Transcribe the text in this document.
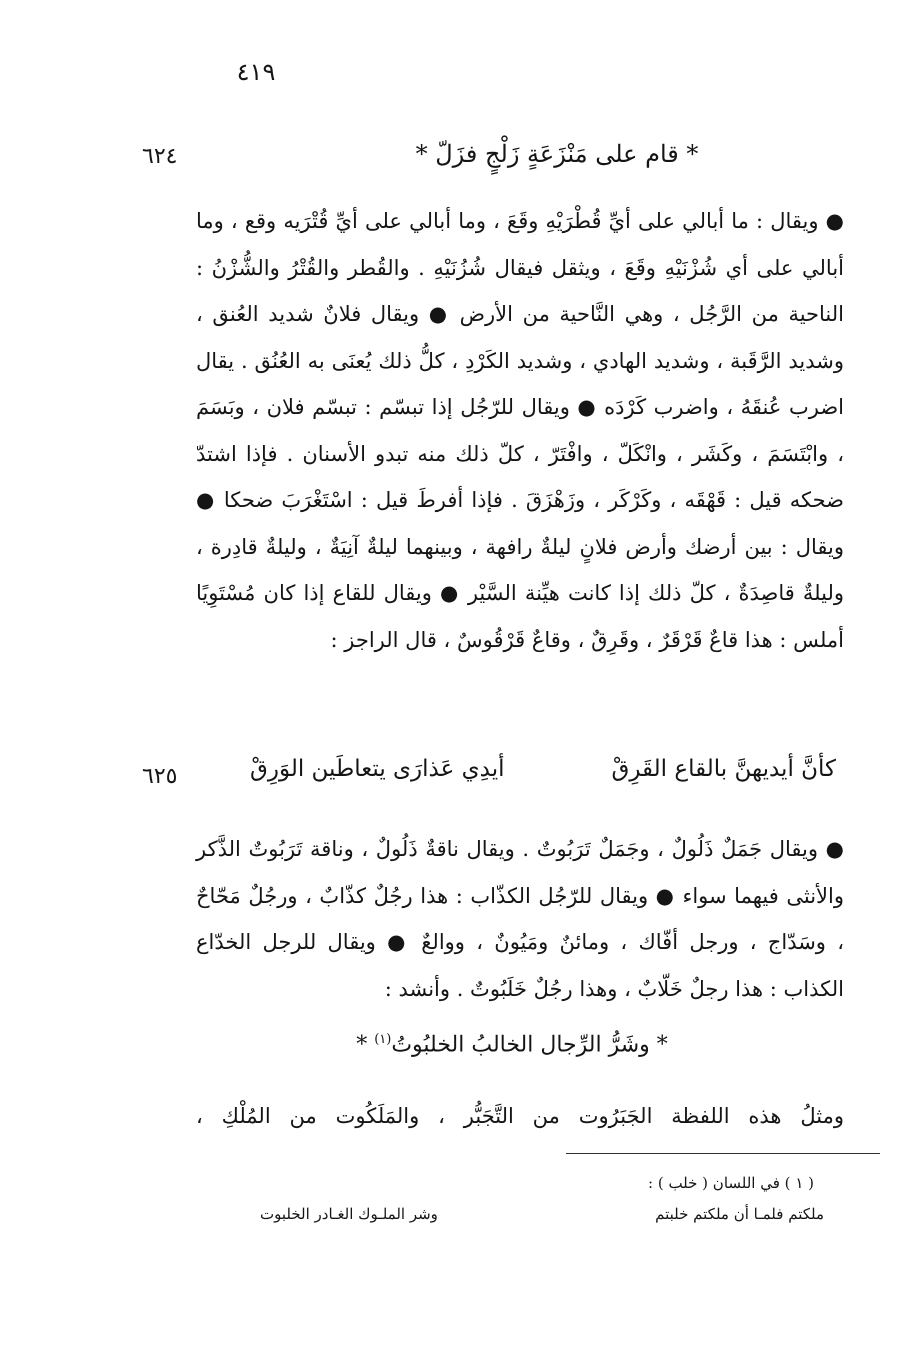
٤١٩
٦٢٤	* قام على مَنْزَعَةٍ زَلْجٍ فزَلّ *
● ويقال : ما أبالي على أيِّ قُطْرَيْهِ وقَعَ ، وما أبالي على أيِّ قُتْرَيه وقع ، وما أبالي على أي شُزْنَيْهِ وقَعَ ، ويثقل فيقال شُزُنَيْهِ . والقُطر والقُتْرُ والشُّزْنُ : الناحية من الرَّجُل ، وهي النَّاحية من الأرض ● ويقال فلانٌ شديد العُنق ، وشديد الرَّقَبة ، وشديد الهادي ، وشديد الكَرْدِ ، كلُّ ذلك يُعنَى به العُنُق . يقال اضرب عُنقَهُ ، واضرب كَرْدَه ● ويقال للرّجُل إذا تبسّم : تبسّم فلان ، وبَسَمَ ، وابْتَسَمَ ، وكَشَر ، وانْكَلّ ، وافْتَرّ ، كلّ ذلك منه تبدو الأسنان . فإذا اشتدّ ضحكه قيل : قَهْقَه ، وكَرْكَر ، وزَهْزَقَ . فإذا أفرطَ قيل : اسْتَغْرَبَ ضحكا ● ويقال : بين أرضك وأرض فلانٍ ليلةٌ رافهة ، وبينهما ليلةٌ آنِيَةٌ ، وليلةٌ قادِرة ، وليلةٌ قاصِدَةٌ ، كلّ ذلك إذا كانت هيِّنة السَّيْر ● ويقال للقاع إذا كان مُسْتَوِيًا أملس : هذا قاعٌ قَرْقَرٌ ، وقَرِقٌ ، وقاعٌ قَرْقُوسٌ ، قال الراجز :
٦٢٥	كأنَّ أيديهنَّ بالقاع القَرِقْ
أيدِي عَذارَى يتعاطَين الوَرِقْ
● ويقال جَمَلٌ ذَلُولٌ ، وجَمَلٌ تَرَبُوتٌ . ويقال ناقةٌ ذَلُولٌ ، وناقة تَرَبُوتٌ الذَّكر والأنثى فيهما سواء ● ويقال للرّجُل الكذّاب : هذا رجُلٌ كذّابٌ ، ورجُلٌ مَحّاحٌ ، وسَدّاج ، ورجل أفّاك ، ومائنٌ ومَيُونٌ ، ووالعٌ ● ويقال للرجل الخدّاع الكذاب : هذا رجلٌ خَلّابٌ ، وهذا رجُلٌ خَلَبُوتٌ . وأنشد :
* وشَرُّ الرِّجال الخالبُ الخلبُوتُ$^{(١)}$ *
ومثلُ هذه اللفظة الجَبَرُوت من التَّجَبُّر ، والمَلَكُوت من المُلْكِ ،
( ١ ) في اللسان ( خلب ) :
ملكتم فلمـا أن ملكتم خلبتم
وشر الملـوك الغـادر الخلبوت
